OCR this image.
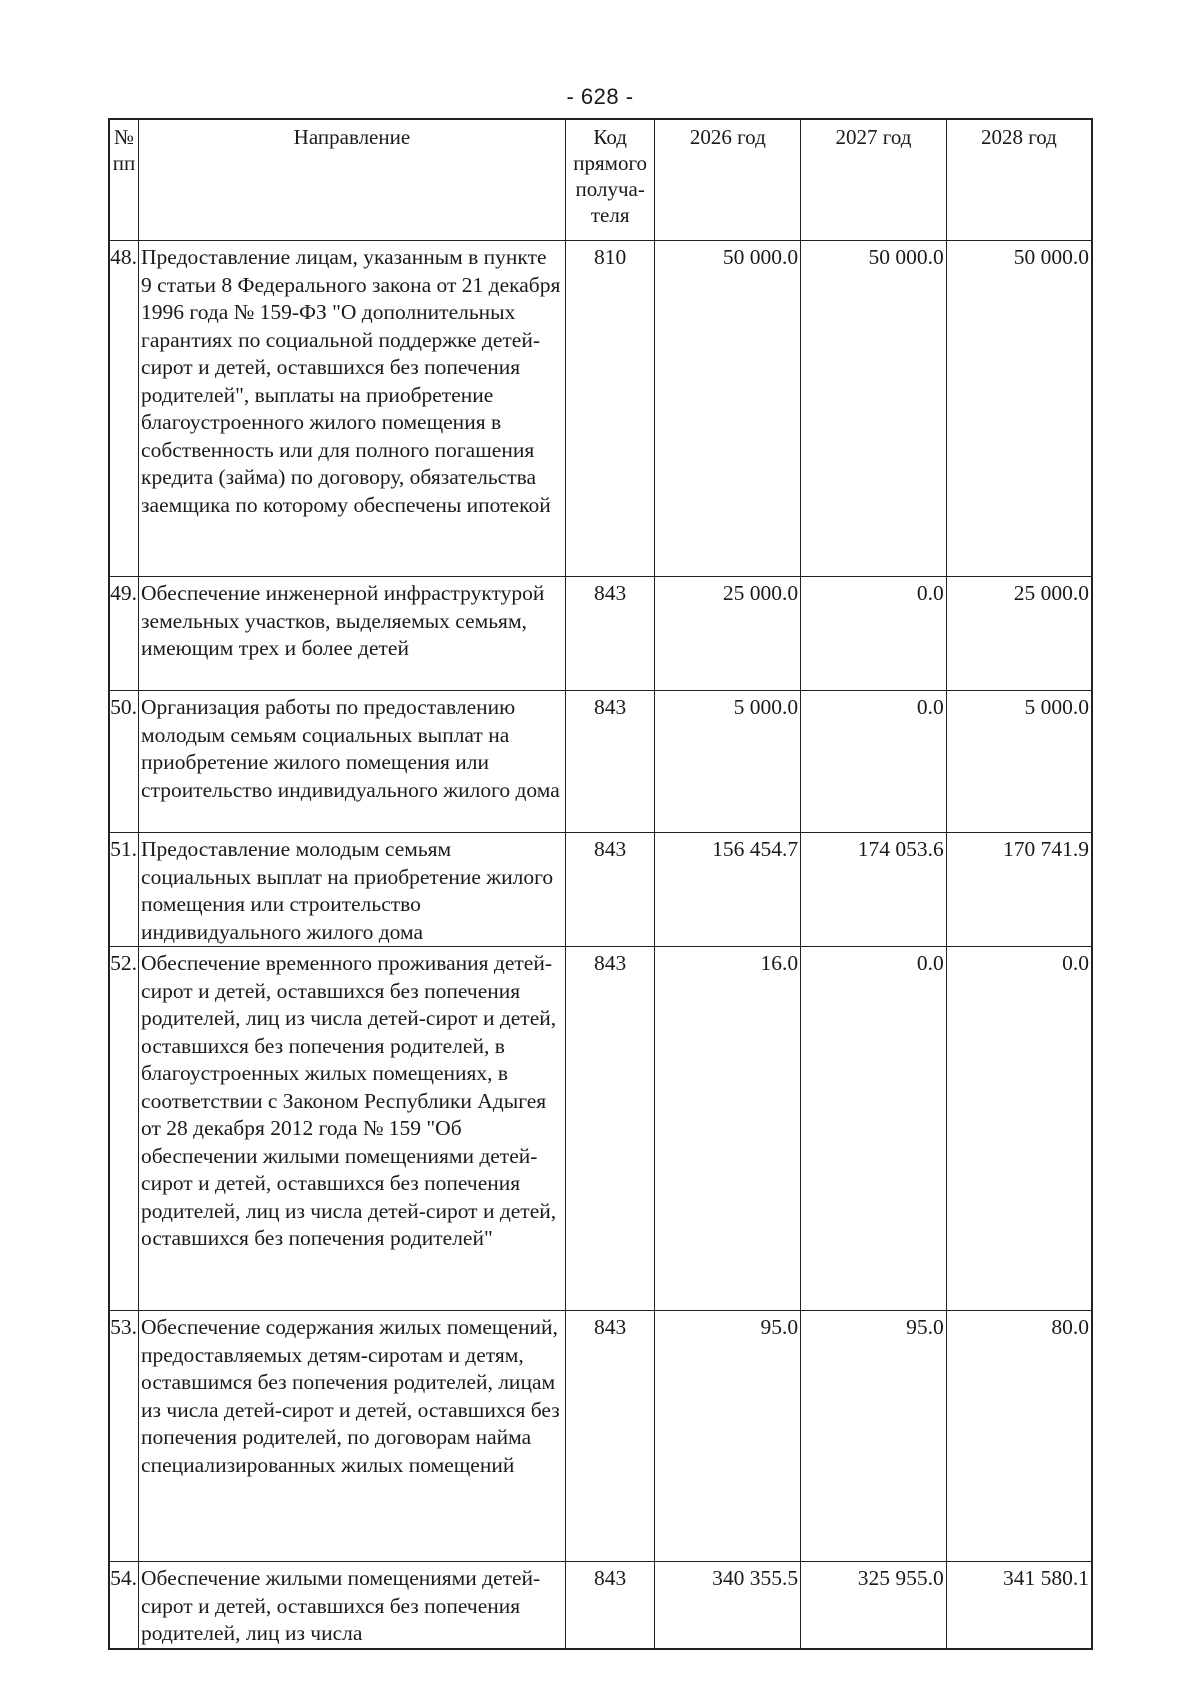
- 628 -
№ пп	Направление	Код прямого получа-теля	2026 год	2027 год	2028 год
48.	Предоставление лицам, указанным в пункте 9 статьи 8 Федерального закона от 21 декабря 1996 года № 159-ФЗ "О дополнительных гарантиях по социальной поддержке детей-сирот и детей, оставшихся без попечения родителей", выплаты на приобретение благоустроенного жилого помещения в собственность или для полного погашения кредита (займа) по договору, обязательства заемщика по которому обеспечены ипотекой	810	50 000.0	50 000.0	50 000.0
49.	Обеспечение инженерной инфраструктурой земельных участков, выделяемых семьям, имеющим трех и более детей	843	25 000.0	0.0	25 000.0
50.	Организация работы по предоставлению молодым семьям социальных выплат на приобретение жилого помещения или строительство индивидуального жилого дома	843	5 000.0	0.0	5 000.0
51.	Предоставление молодым семьям социальных выплат на приобретение жилого помещения или строительство индивидуального жилого дома	843	156 454.7	174 053.6	170 741.9
52.	Обеспечение временного проживания детей-сирот и детей, оставшихся без попечения родителей, лиц из числа детей-сирот и детей, оставшихся без попечения родителей, в благоустроенных жилых помещениях, в соответствии с Законом Республики Адыгея от 28 декабря 2012 года № 159 "Об обеспечении жилыми помещениями детей-сирот и детей, оставшихся без попечения родителей, лиц из числа детей-сирот и детей, оставшихся без попечения родителей"	843	16.0	0.0	0.0
53.	Обеспечение содержания жилых помещений, предоставляемых детям-сиротам и детям, оставшимся без попечения родителей, лицам из числа детей-сирот и детей, оставшихся без попечения родителей, по договорам найма специализированных жилых помещений	843	95.0	95.0	80.0
54.	Обеспечение жилыми помещениями детей-сирот и детей, оставшихся без попечения родителей, лиц из числа	843	340 355.5	325 955.0	341 580.1
